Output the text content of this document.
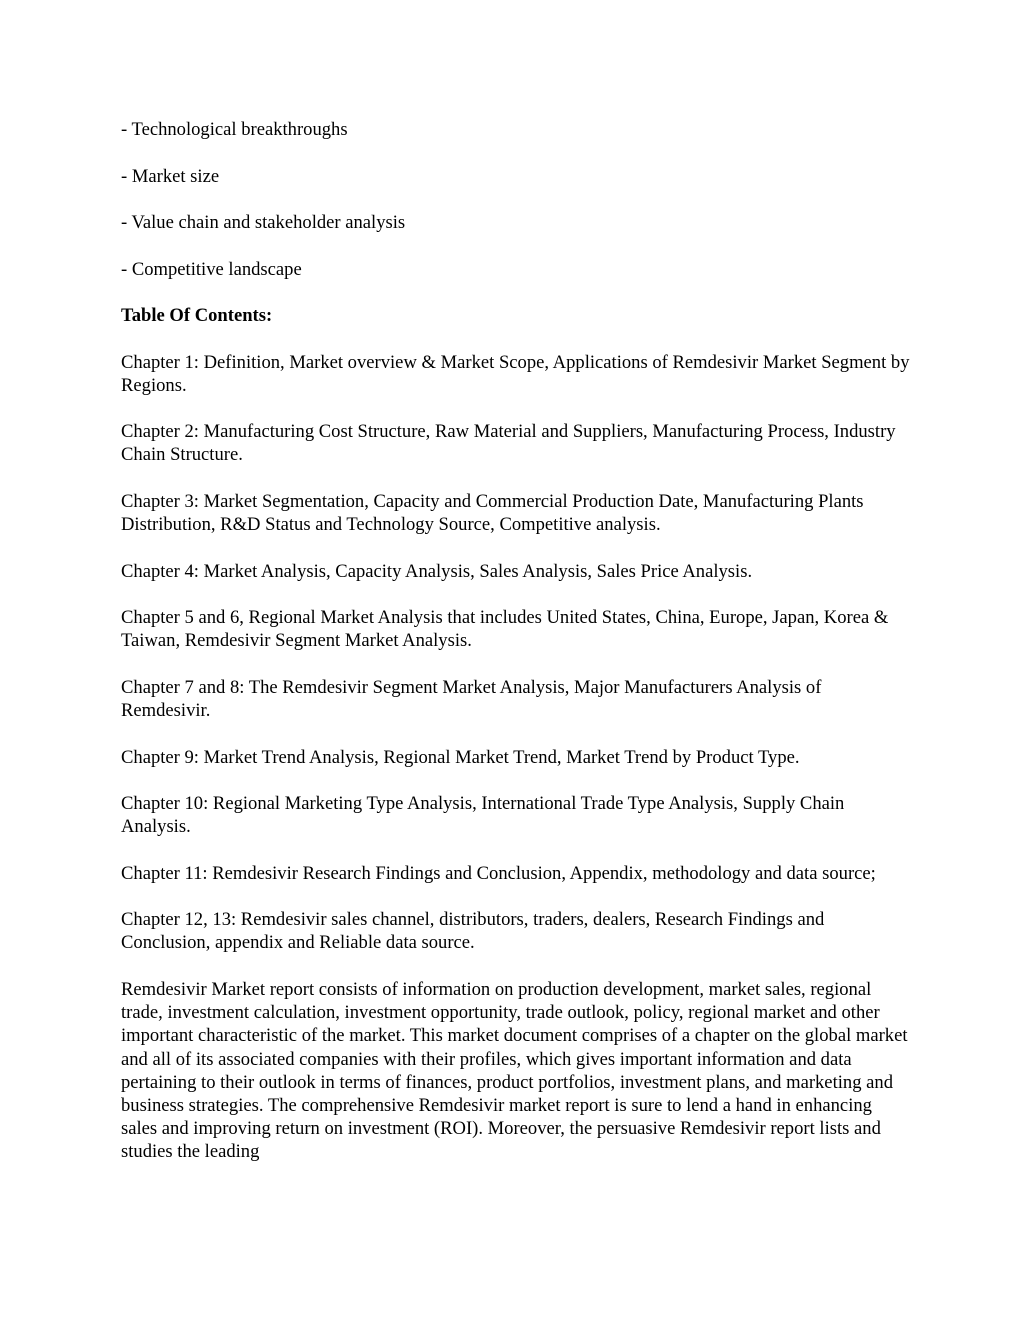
- Technological breakthroughs

- Market size

- Value chain and stakeholder analysis

- Competitive landscape

Table Of Contents:

Chapter 1: Definition, Market overview & Market Scope, Applications of Remdesivir Market Segment by Regions.

Chapter 2: Manufacturing Cost Structure, Raw Material and Suppliers, Manufacturing Process, Industry Chain Structure.

Chapter 3: Market Segmentation, Capacity and Commercial Production Date, Manufacturing Plants Distribution, R&D Status and Technology Source, Competitive analysis.

Chapter 4: Market Analysis, Capacity Analysis, Sales Analysis, Sales Price Analysis.

Chapter 5 and 6, Regional Market Analysis that includes United States, China, Europe, Japan, Korea & Taiwan, Remdesivir Segment Market Analysis.

Chapter 7 and 8: The Remdesivir Segment Market Analysis, Major Manufacturers Analysis of Remdesivir.

Chapter 9: Market Trend Analysis, Regional Market Trend, Market Trend by Product Type.

Chapter 10: Regional Marketing Type Analysis, International Trade Type Analysis, Supply Chain Analysis.

Chapter 11: Remdesivir Research Findings and Conclusion, Appendix, methodology and data source;

Chapter 12, 13: Remdesivir sales channel, distributors, traders, dealers, Research Findings and Conclusion, appendix and Reliable data source.

Remdesivir Market report consists of information on production development, market sales, regional trade, investment calculation, investment opportunity, trade outlook, policy, regional market and other important characteristic of the market. This market document comprises of a chapter on the global market and all of its associated companies with their profiles, which gives important information and data pertaining to their outlook in terms of finances, product portfolios, investment plans, and marketing and business strategies. The comprehensive Remdesivir market report is sure to lend a hand in enhancing sales and improving return on investment (ROI). Moreover, the persuasive Remdesivir report lists and studies the leading
